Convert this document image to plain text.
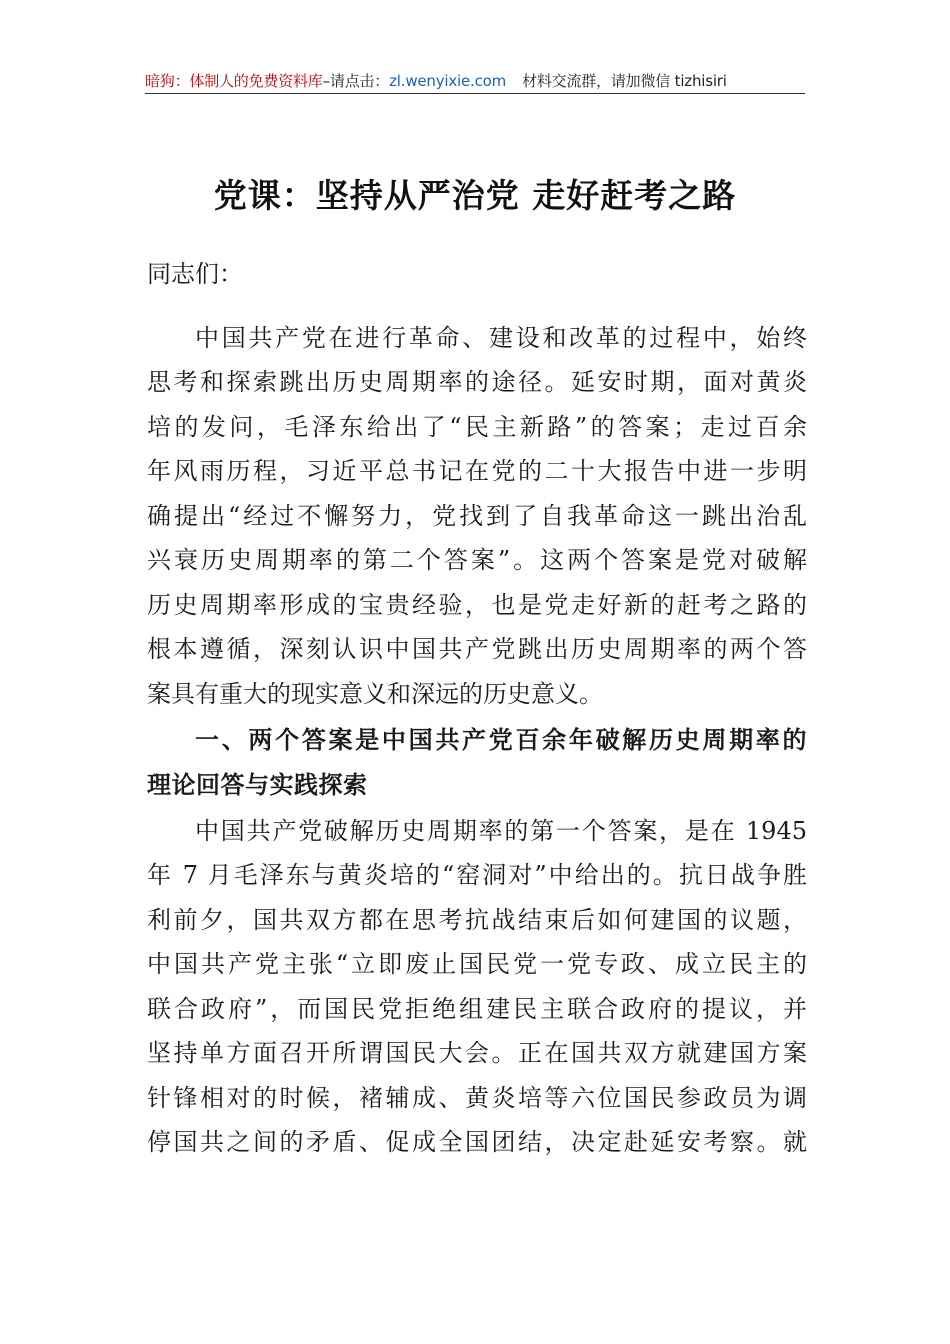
暗狗：体制人的免费资料库–请点击：zl.wenyixie.com 材料交流群，请加微信 tizhisiri
党课：坚持从严治党 走好赶考之路
同志们：
中国共产党在进行革命、建设和改革的过程中，始终
思考和探索跳出历史周期率的途径。延安时期，面对黄炎
培的发问，毛泽东给出了“民主新路”的答案；走过百余
年风雨历程，习近平总书记在党的二十大报告中进一步明
确提出“经过不懈努力，党找到了自我革命这一跳出治乱
兴衰历史周期率的第二个答案”。这两个答案是党对破解
历史周期率形成的宝贵经验，也是党走好新的赶考之路的
根本遵循，深刻认识中国共产党跳出历史周期率的两个答
案具有重大的现实意义和深远的历史意义。
一、两个答案是中国共产党百余年破解历史周期率的
理论回答与实践探索
中国共产党破解历史周期率的第一个答案，是在 1945
年 7 月毛泽东与黄炎培的“窑洞对”中给出的。抗日战争胜
利前夕，国共双方都在思考抗战结束后如何建国的议题，
中国共产党主张“立即废止国民党一党专政、成立民主的
联合政府”，而国民党拒绝组建民主联合政府的提议，并
坚持单方面召开所谓国民大会。正在国共双方就建国方案
针锋相对的时候，褚辅成、黄炎培等六位国民参政员为调
停国共之间的矛盾、促成全国团结，决定赴延安考察。就
